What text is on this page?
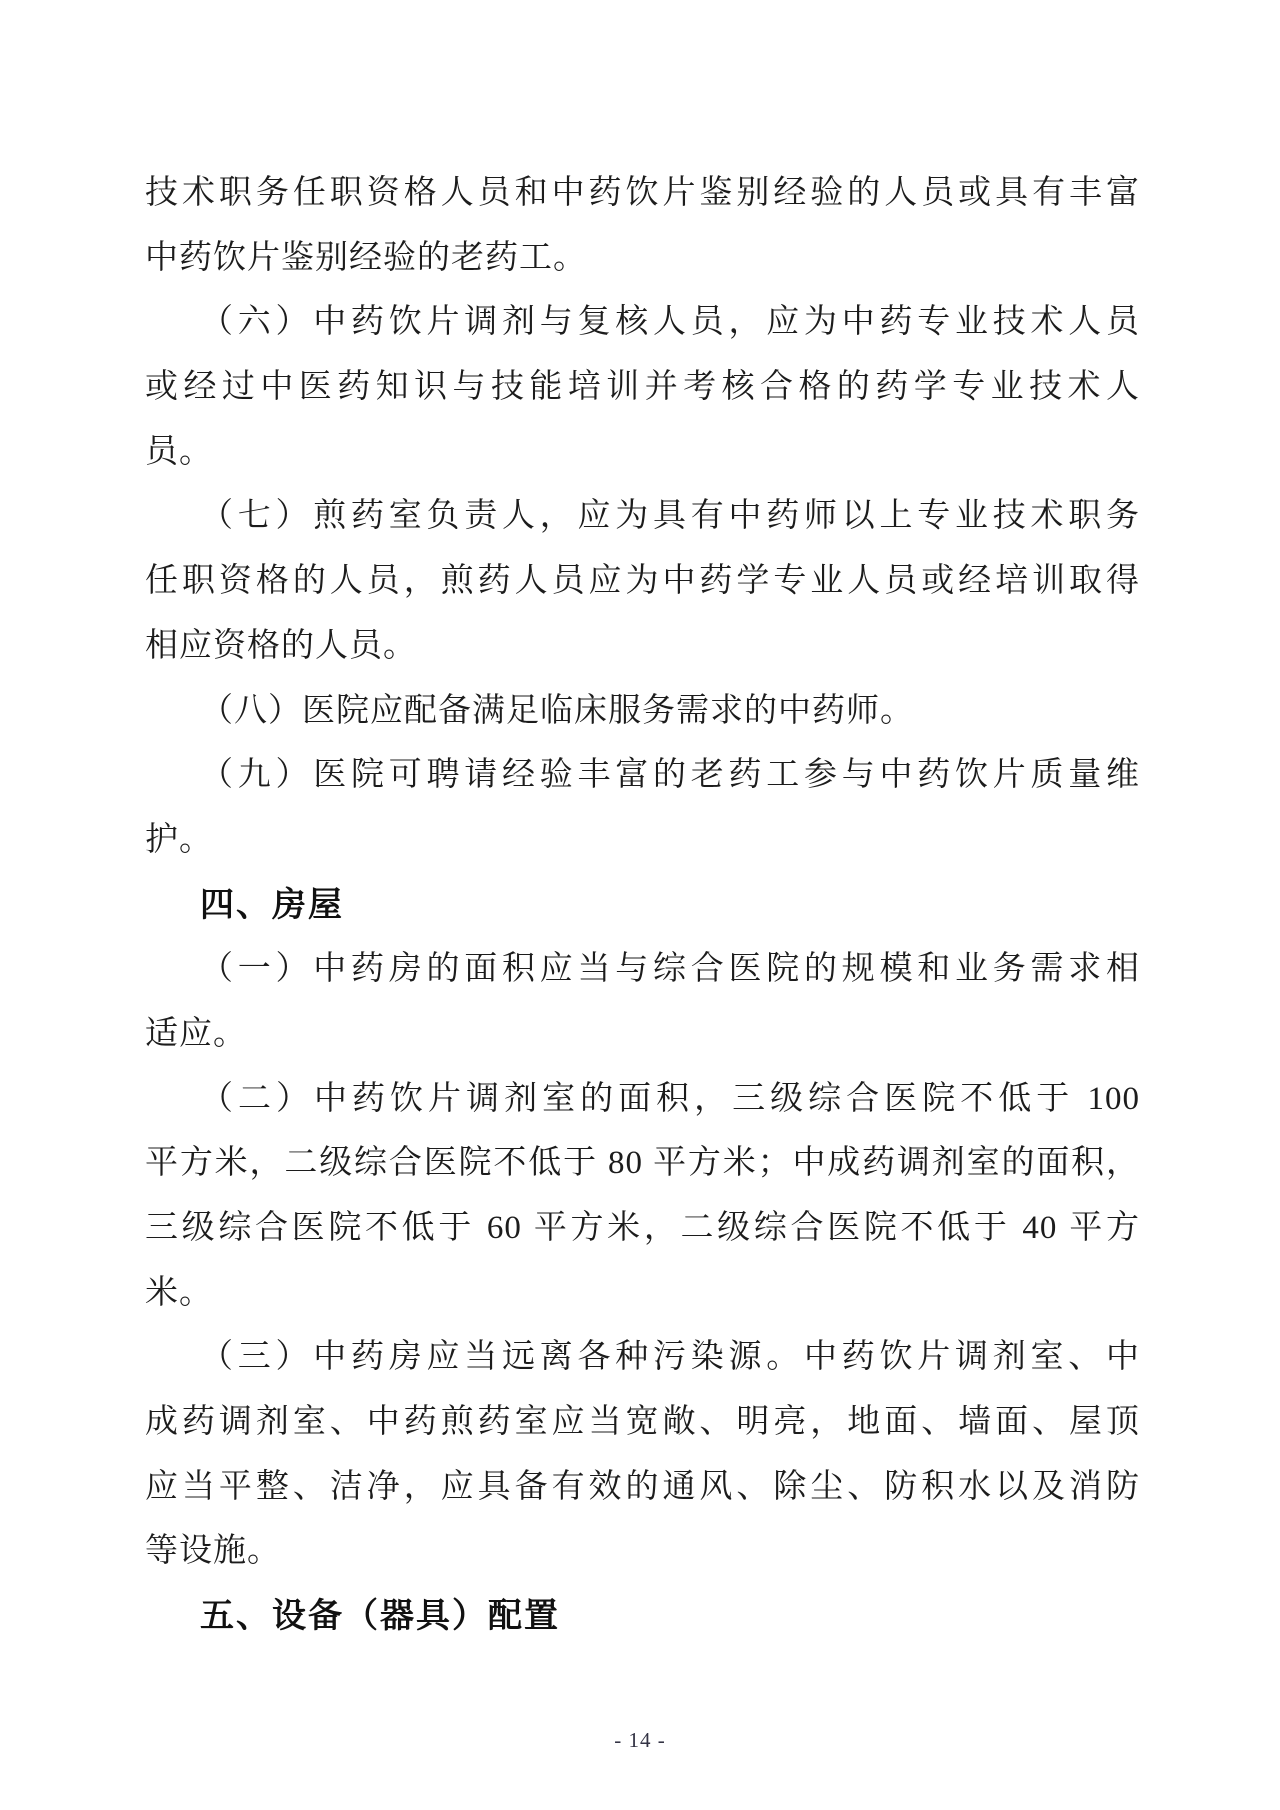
技术职务任职资格人员和中药饮片鉴别经验的人员或具有丰富

中药饮片鉴别经验的老药工。

（六）中药饮片调剂与复核人员，应为中药专业技术人员

或经过中医药知识与技能培训并考核合格的药学专业技术人

员。

（七）煎药室负责人，应为具有中药师以上专业技术职务

任职资格的人员，煎药人员应为中药学专业人员或经培训取得

相应资格的人员。

（八）医院应配备满足临床服务需求的中药师。

（九）医院可聘请经验丰富的老药工参与中药饮片质量维

护。

四、房屋

（一）中药房的面积应当与综合医院的规模和业务需求相

适应。

（二）中药饮片调剂室的面积，三级综合医院不低于 100

平方米，二级综合医院不低于 80 平方米；中成药调剂室的面积，

三级综合医院不低于 60 平方米，二级综合医院不低于 40 平方

米。

（三）中药房应当远离各种污染源。中药饮片调剂室、中

成药调剂室、中药煎药室应当宽敞、明亮，地面、墙面、屋顶

应当平整、洁净，应具备有效的通风、除尘、防积水以及消防

等设施。

五、设备（器具）配置

- 14 -
